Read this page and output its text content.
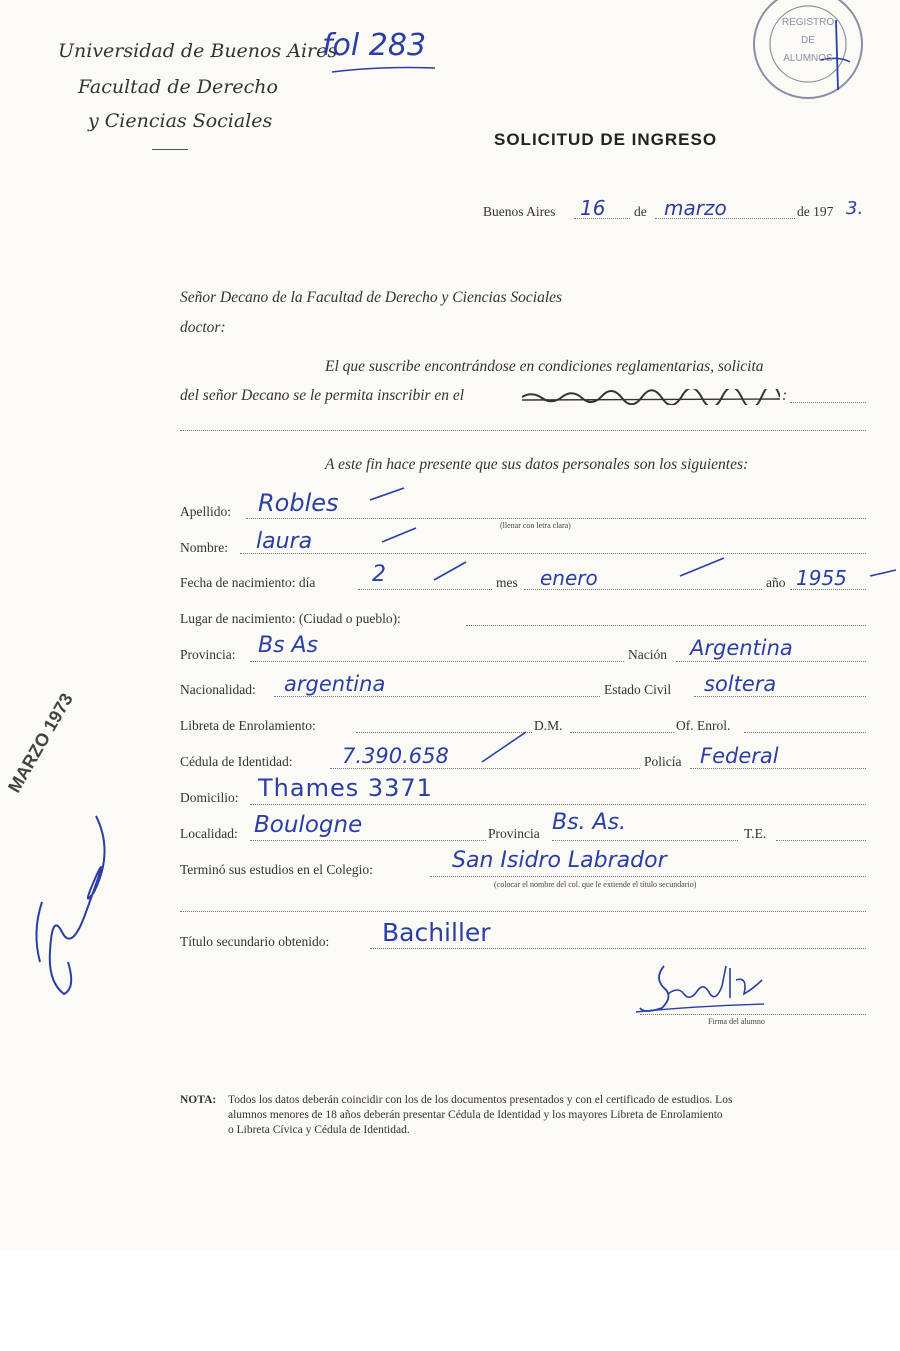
Universidad de Buenos Aires
Facultad de Derecho
y Ciencias Sociales
fol 283
REGISTRO DE ALUMNOS
SOLICITUD DE INGRESO
Buenos Aires 16 de marzo	de 197 3.
Señor Decano de la Facultad de Derecho y Ciencias Sociales
doctor:
El que suscribe encontrándose en condiciones reglamentarias, solicita
del señor Decano se le permita inscribir en el	:
A este fin hace presente que sus datos personales son los siguientes:
Apellido: Robles
(llenar con letra clara)
Nombre: laura
Fecha de nacimiento: día	2	mes enero	año 1955
Lugar de nacimiento: (Ciudad o pueblo):
Provincia: Bs As	Nación Argentina
Nacionalidad: argentina	Estado Civil soltera
Libreta de Enrolamiento:	D.M.	Of. Enrol.
Cédula de Identidad: 7.390.658	Policía Federal
Domicilio: Thames 3371
Localidad: Boulogne	Provincia Bs. As.	T.E.
Terminó sus estudios en el Colegio:	San Isidro Labrador
(colocar el nombre del col. que le extiende el título secundario)
Título secundario obtenido: Bachiller
Firma del alumno
MARZO 1973
NOTA: Todos los datos deberán coincidir con los de los documentos presentados y con el certificado de estudios. Los
alumnos menores de 18 años deberán presentar Cédula de Identidad y los mayores Libreta de Enrolamiento
o Libreta Cívica y Cédula de Identidad.
